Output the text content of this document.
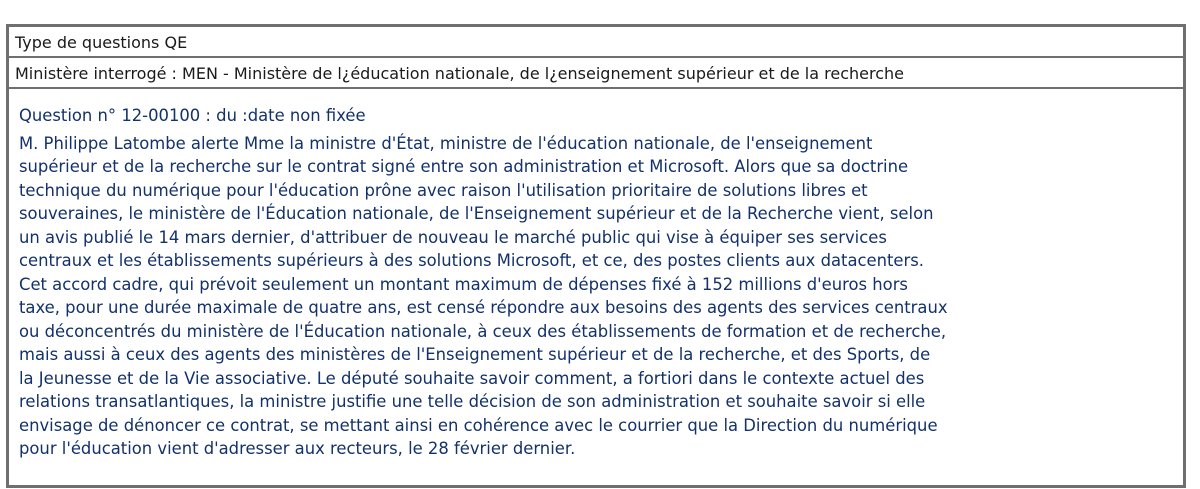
Type de questions QE
Ministère interrogé : MEN - Ministère de l¿éducation nationale, de l¿enseignement supérieur et de la recherche

Question n° 12-00100 : du :date non fixée

M. Philippe Latombe alerte Mme la ministre d'État, ministre de l'éducation nationale, de l'enseignement
supérieur et de la recherche sur le contrat signé entre son administration et Microsoft. Alors que sa doctrine
technique du numérique pour l'éducation prône avec raison l'utilisation prioritaire de solutions libres et
souveraines, le ministère de l'Éducation nationale, de l'Enseignement supérieur et de la Recherche vient, selon
un avis publié le 14 mars dernier, d'attribuer de nouveau le marché public qui vise à équiper ses services
centraux et les établissements supérieurs à des solutions Microsoft, et ce, des postes clients aux datacenters.
Cet accord cadre, qui prévoit seulement un montant maximum de dépenses fixé à 152 millions d'euros hors
taxe, pour une durée maximale de quatre ans, est censé répondre aux besoins des agents des services centraux
ou déconcentrés du ministère de l'Éducation nationale, à ceux des établissements de formation et de recherche,
mais aussi à ceux des agents des ministères de l'Enseignement supérieur et de la recherche, et des Sports, de
la Jeunesse et de la Vie associative. Le député souhaite savoir comment, a fortiori dans le contexte actuel des
relations transatlantiques, la ministre justifie une telle décision de son administration et souhaite savoir si elle
envisage de dénoncer ce contrat, se mettant ainsi en cohérence avec le courrier que la Direction du numérique
pour l'éducation vient d'adresser aux recteurs, le 28 février dernier.
